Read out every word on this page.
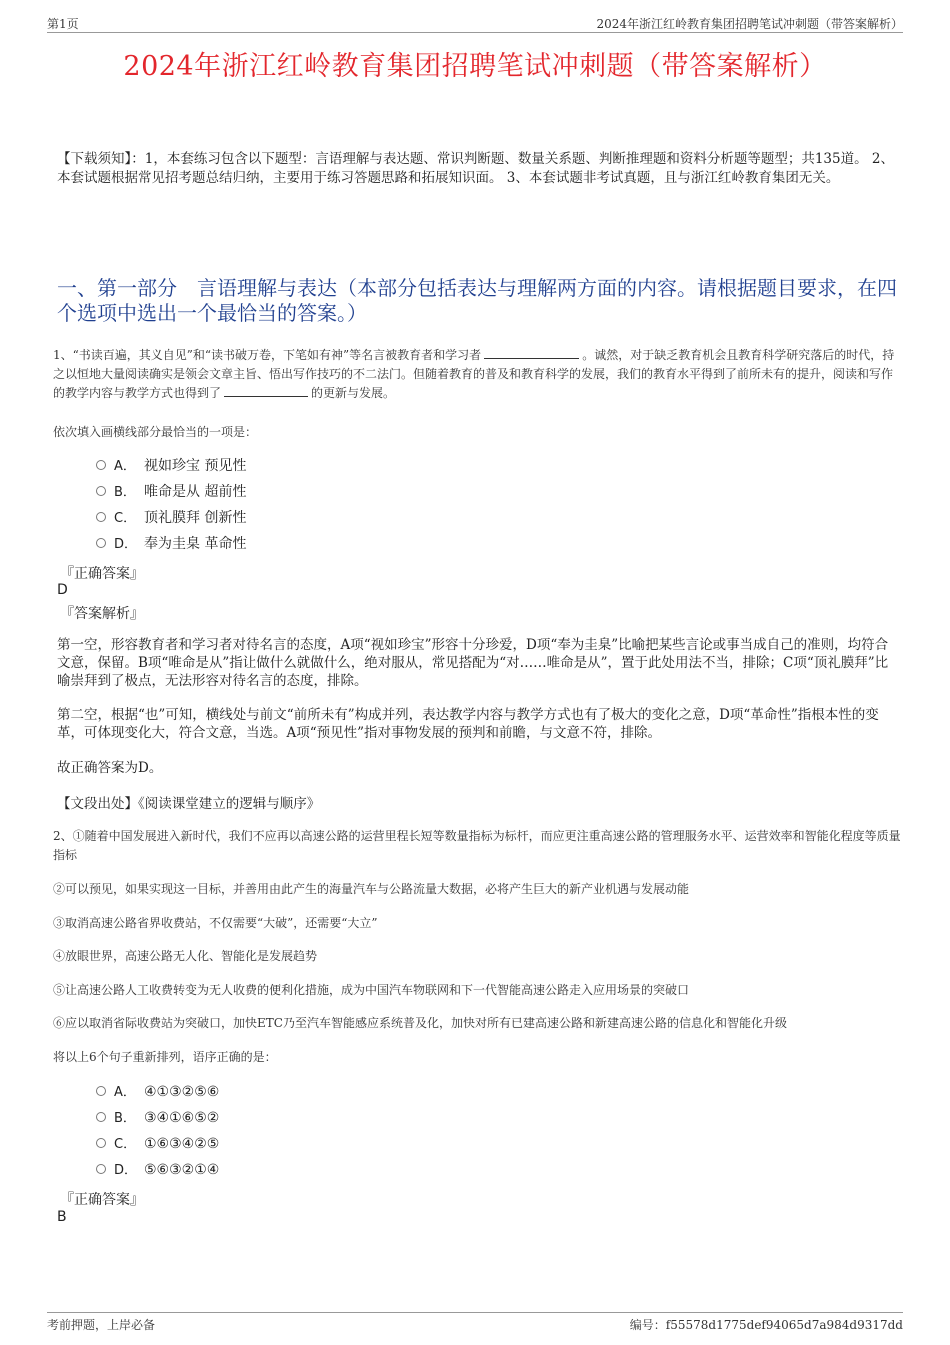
第1页	2024年浙江红岭教育集团招聘笔试冲刺题（带答案解析）
2024年浙江红岭教育集团招聘笔试冲刺题（带答案解析）
【下载须知】：1，本套练习包含以下题型：言语理解与表达题、常识判断题、数量关系题、判断推理题和资料分析题等题型；共135道。 2、本套试题根据常见招考题总结归纳，主要用于练习答题思路和拓展知识面。 3、本套试题非考试真题，且与浙江红岭教育集团无关。
一、第一部分　言语理解与表达（本部分包括表达与理解两方面的内容。请根据题目要求，在四个选项中选出一个最恰当的答案。）
1、“书读百遍，其义自见”和“读书破万卷，下笔如有神”等名言被教育者和学习者	。诚然，对于缺乏教育机会且教育科学研究落后的时代，持之以恒地大量阅读确实是领会文章主旨、悟出写作技巧的不二法门。但随着教育的普及和教育科学的发展，我们的教育水平得到了前所未有的提升，阅读和写作的教学内容与教学方式也得到了	的更新与发展。
依次填入画横线部分最恰当的一项是：
A． 视如珍宝 预见性
B． 唯命是从 超前性
C． 顶礼膜拜 创新性
D． 奉为圭臬 革命性
『正确答案』
D
『答案解析』
第一空，形容教育者和学习者对待名言的态度，A项“视如珍宝”形容十分珍爱，D项“奉为圭臬”比喻把某些言论或事当成自己的准则，均符合文意，保留。B项“唯命是从”指让做什么就做什么，绝对服从，常见搭配为“对……唯命是从”，置于此处用法不当，排除；C项“顶礼膜拜”比喻崇拜到了极点，无法形容对待名言的态度，排除。
第二空，根据“也”可知，横线处与前文“前所未有”构成并列，表达教学内容与教学方式也有了极大的变化之意，D项“革命性”指根本性的变革，可体现变化大，符合文意，当选。A项“预见性”指对事物发展的预判和前瞻，与文意不符，排除。
故正确答案为D。
【文段出处】《阅读课堂建立的逻辑与顺序》
2、①随着中国发展进入新时代，我们不应再以高速公路的运营里程长短等数量指标为标杆，而应更注重高速公路的管理服务水平、运营效率和智能化程度等质量指标
②可以预见，如果实现这一目标，并善用由此产生的海量汽车与公路流量大数据，必将产生巨大的新产业机遇与发展动能
③取消高速公路省界收费站，不仅需要“大破”，还需要“大立”
④放眼世界，高速公路无人化、智能化是发展趋势
⑤让高速公路人工收费转变为无人收费的便利化措施，成为中国汽车物联网和下一代智能高速公路走入应用场景的突破口
⑥应以取消省际收费站为突破口，加快ETC乃至汽车智能感应系统普及化，加快对所有已建高速公路和新建高速公路的信息化和智能化升级
将以上6个句子重新排列，语序正确的是：
A． ④①③②⑤⑥
B． ③④①⑥⑤②
C． ①⑥③④②⑤
D． ⑤⑥③②①④
『正确答案』
B
考前押题，上岸必备	编号：f55578d1775def94065d7a984d9317dd
